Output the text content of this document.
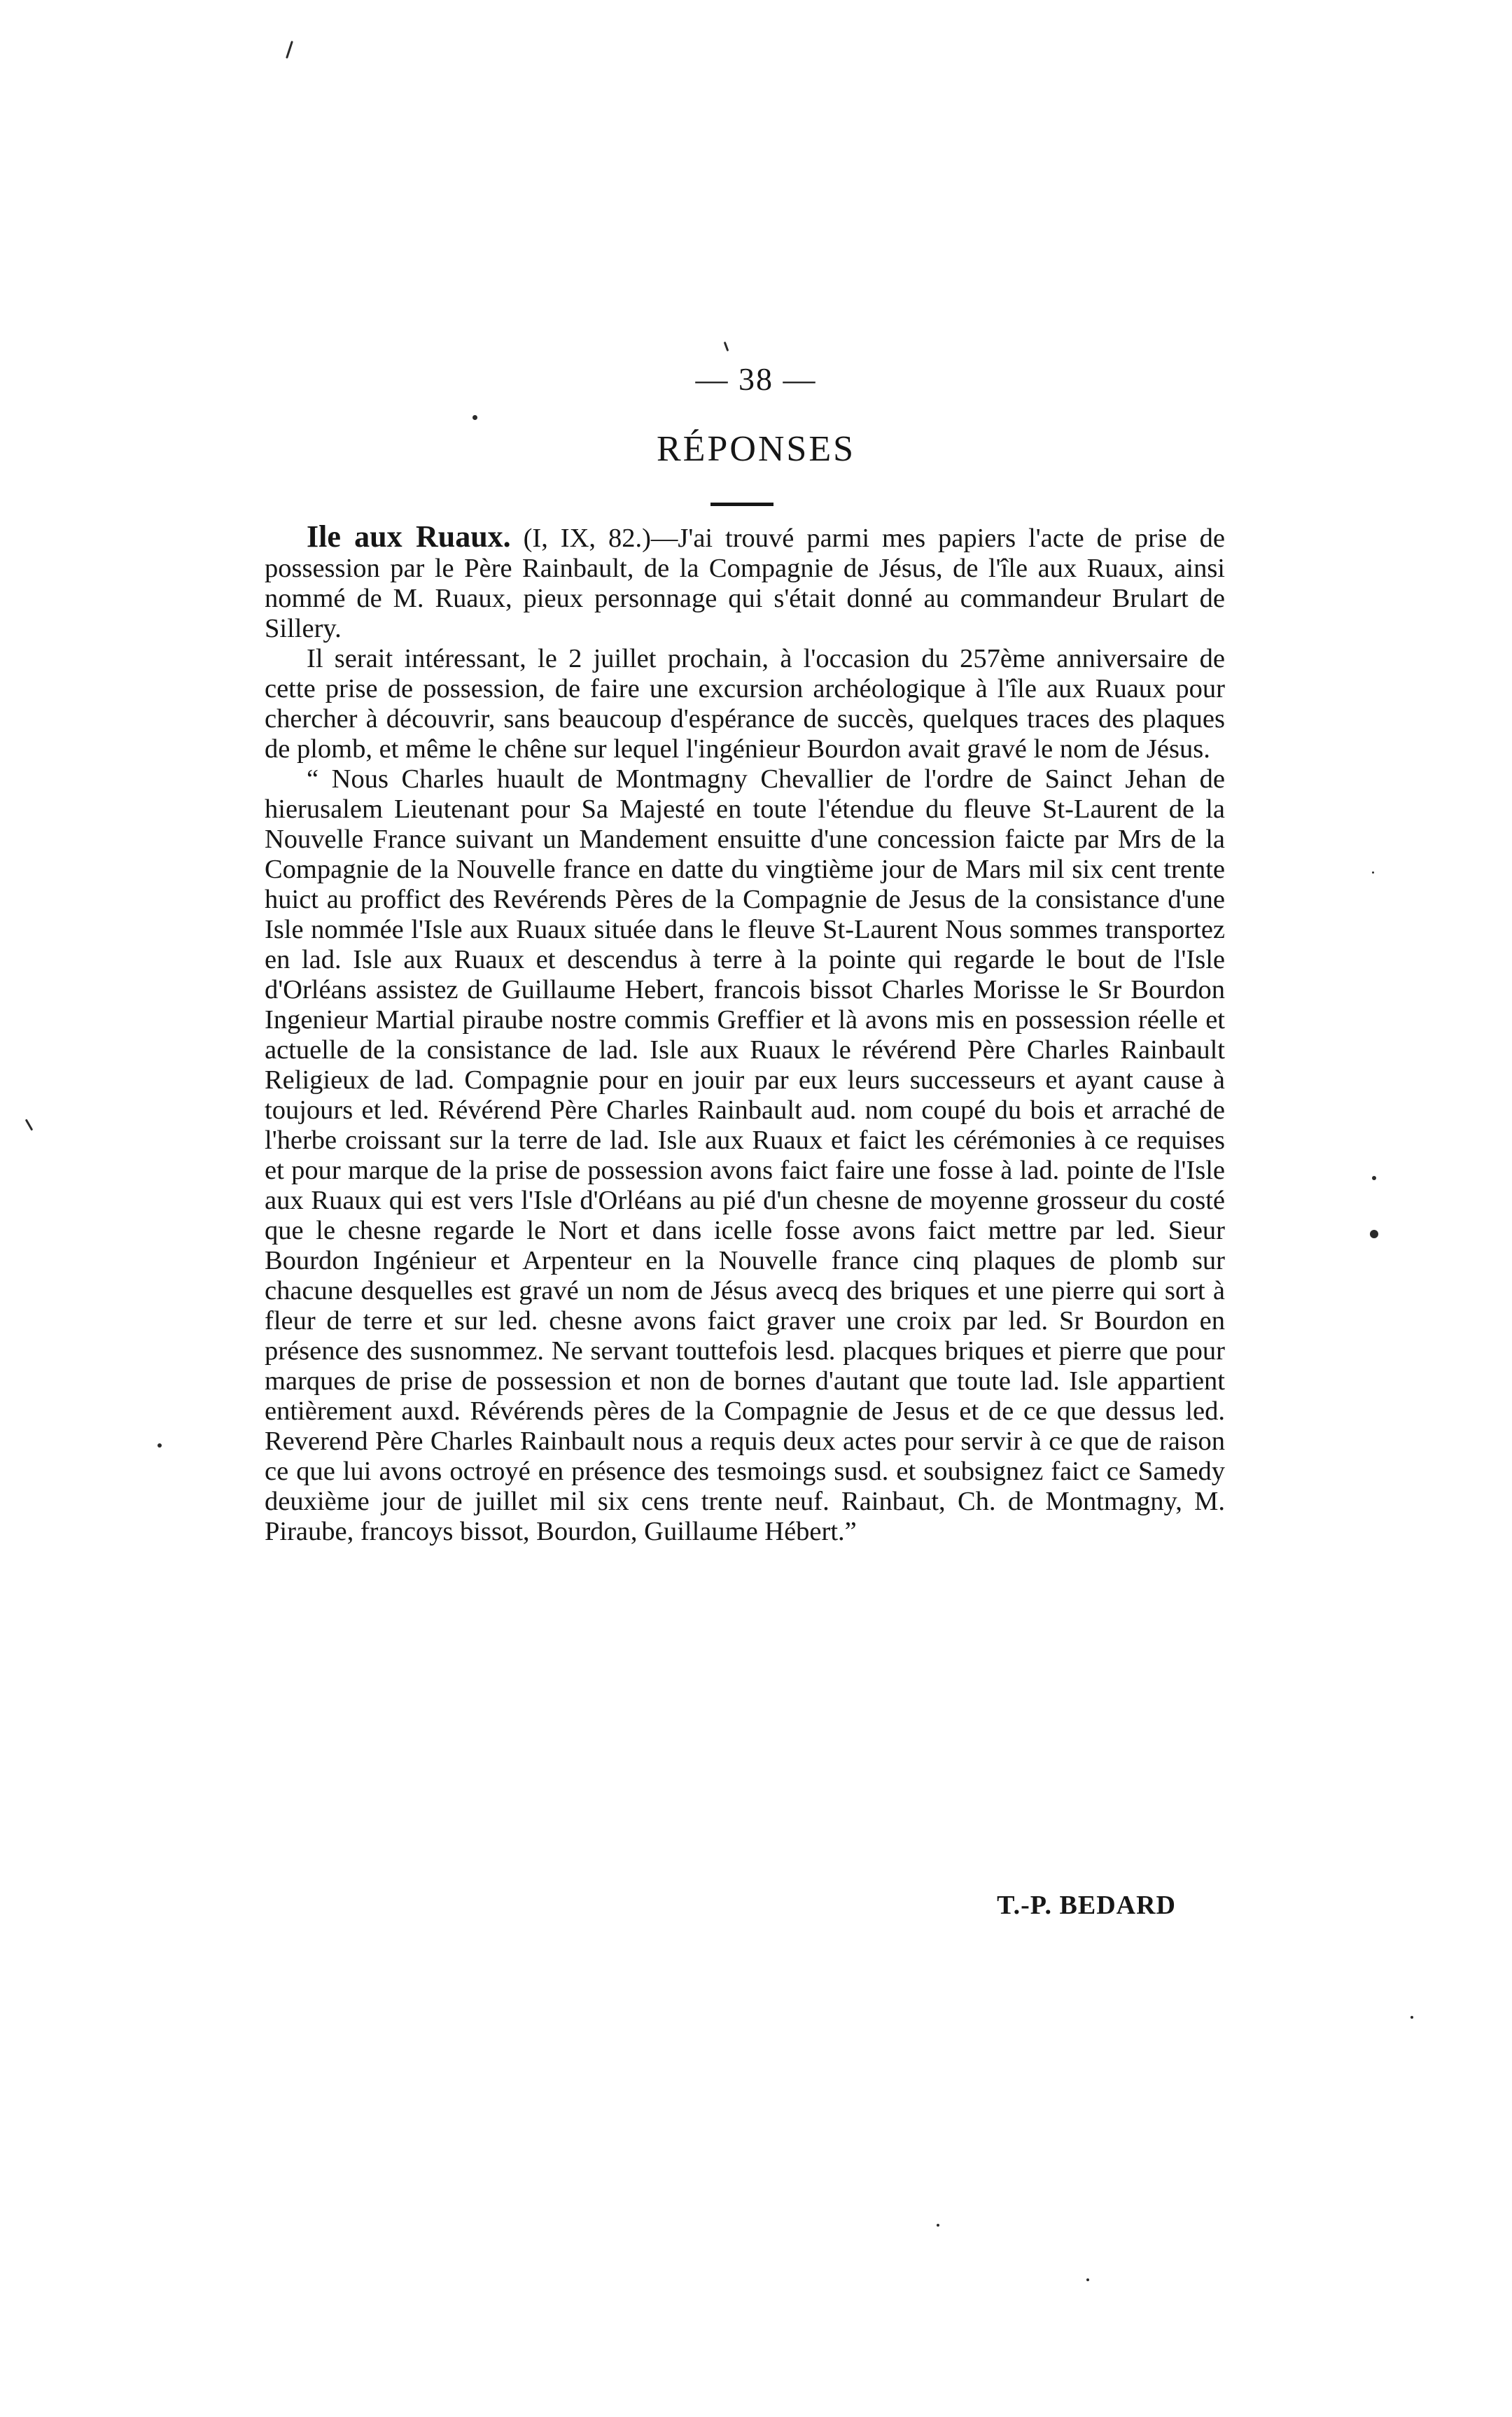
— 38 —
RÉPONSES

Ile aux Ruaux. (I, IX, 82.)—J'ai trouvé parmi mes papiers l'acte de prise de possession par le Père Rainbault, de la Compagnie de Jésus, de l'île aux Ruaux, ainsi nommé de M. Ruaux, pieux personnage qui s'était donné au commandeur Brulart de Sillery.

Il serait intéressant, le 2 juillet prochain, à l'occasion du 257ème anniversaire de cette prise de possession, de faire une excursion archéologique à l'île aux Ruaux pour chercher à découvrir, sans beaucoup d'espérance de succès, quelques traces des plaques de plomb, et même le chêne sur lequel l'ingénieur Bourdon avait gravé le nom de Jésus.

“ Nous Charles huault de Montmagny Chevallier de l'ordre de Sainct Jehan de hierusalem Lieutenant pour Sa Majesté en toute l'étendue du fleuve St-Laurent de la Nouvelle France suivant un Mandement ensuitte d'une concession faicte par Mrs de la Compagnie de la Nouvelle france en datte du vingtième jour de Mars mil six cent trente huict au proffict des Revérends Pères de la Compagnie de Jesus de la consistance d'une Isle nommée l'Isle aux Ruaux située dans le fleuve St-Laurent Nous sommes transportez en lad. Isle aux Ruaux et descendus à terre à la pointe qui regarde le bout de l'Isle d'Orléans assistez de Guillaume Hebert, francois bissot Charles Morisse le Sr Bourdon Ingenieur Martial piraube nostre commis Greffier et là avons mis en possession réelle et actuelle de la consistance de lad. Isle aux Ruaux le révérend Père Charles Rainbault Religieux de lad. Compagnie pour en jouir par eux leurs successeurs et ayant cause à toujours et led. Révérend Père Charles Rainbault aud. nom coupé du bois et arraché de l'herbe croissant sur la terre de lad. Isle aux Ruaux et faict les cérémonies à ce requises et pour marque de la prise de possession avons faict faire une fosse à lad. pointe de l'Isle aux Ruaux qui est vers l'Isle d'Orléans au pié d'un chesne de moyenne grosseur du costé que le chesne regarde le Nort et dans icelle fosse avons faict mettre par led. Sieur Bourdon Ingénieur et Arpenteur en la Nouvelle france cinq plaques de plomb sur chacune desquelles est gravé un nom de Jésus avecq des briques et une pierre qui sort à fleur de terre et sur led. chesne avons faict graver une croix par led. Sr Bourdon en présence des susnommez. Ne servant touttefois lesd. placques briques et pierre que pour marques de prise de possession et non de bornes d'autant que toute lad. Isle appartient entièrement auxd. Révérends pères de la Compagnie de Jesus et de ce que dessus led. Reverend Père Charles Rainbault nous a requis deux actes pour servir à ce que de raison ce que lui avons octroyé en présence des tesmoings susd. et soubsignez faict ce Samedy deuxième jour de juillet mil six cens trente neuf. Rainbaut, Ch. de Montmagny, M. Piraube, francoys bissot, Bourdon, Guillaume Hébert.”

T.-P. BEDARD
